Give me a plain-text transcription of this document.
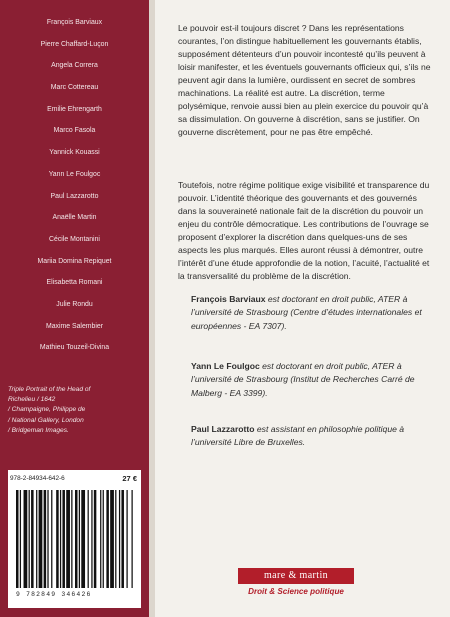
François Barviaux
Pierre Chaffard-Luçon
Angela Correra
Marc Cottereau
Emilie Ehrengarth
Marco Fasola
Yannick Kouassi
Yann Le Foulgoc
Paul Lazzarotto
Anaëlle Martin
Cécile Montanini
Mariia Domina Repiquet
Elisabetta Romani
Julie Rondu
Maxime Salembier
Mathieu Touzeil-Divina
Triple Portrait of the Head of
Richelieu / 1642
/ Champaigne, Philippe de
/ National Gallery, London
/ Bridgeman Images.
978-2-84934-642-6	27 €
9 782849 346426

Le pouvoir est-il toujours discret ? Dans les représentations courantes, l’on distingue habituellement les gouvernants établis, supposément détenteurs d’un pouvoir incontesté qu’ils peuvent à loisir manifester, et les éventuels gouvernants officieux qui, s’ils ne peuvent agir dans la lumière, ourdissent en secret de sombres machinations. La réalité est autre. La discrétion, terme polysémique, renvoie aussi bien au plein exercice du pouvoir qu’à sa dissimulation. On gouverne à discrétion, sans se justifier. On gouverne discrètement, pour ne pas être empêché.

Toutefois, notre régime politique exige visibilité et transparence du pouvoir. L’identité théorique des gouvernants et des gouvernés dans la souveraineté nationale fait de la discrétion du pouvoir un enjeu du contrôle démocratique. Les contributions de l’ouvrage se proposent d’explorer la discrétion dans quelques-uns de ses aspects les plus marqués. Elles auront réussi à démontrer, outre l’intérêt d’une étude approfondie de la notion, l’acuité, l’actualité et la transversalité du problème de la discrétion.

François Barviaux est doctorant en droit public, ATER à l’université de Strasbourg (Centre d’études internationales et européennes - EA 7307).

Yann Le Foulgoc est doctorant en droit public, ATER à l’université de Strasbourg (Institut de Recherches Carré de Malberg - EA 3399).

Paul Lazzarotto est assistant en philosophie politique à l’université Libre de Bruxelles.

mare & martin
Droit & Science politique
